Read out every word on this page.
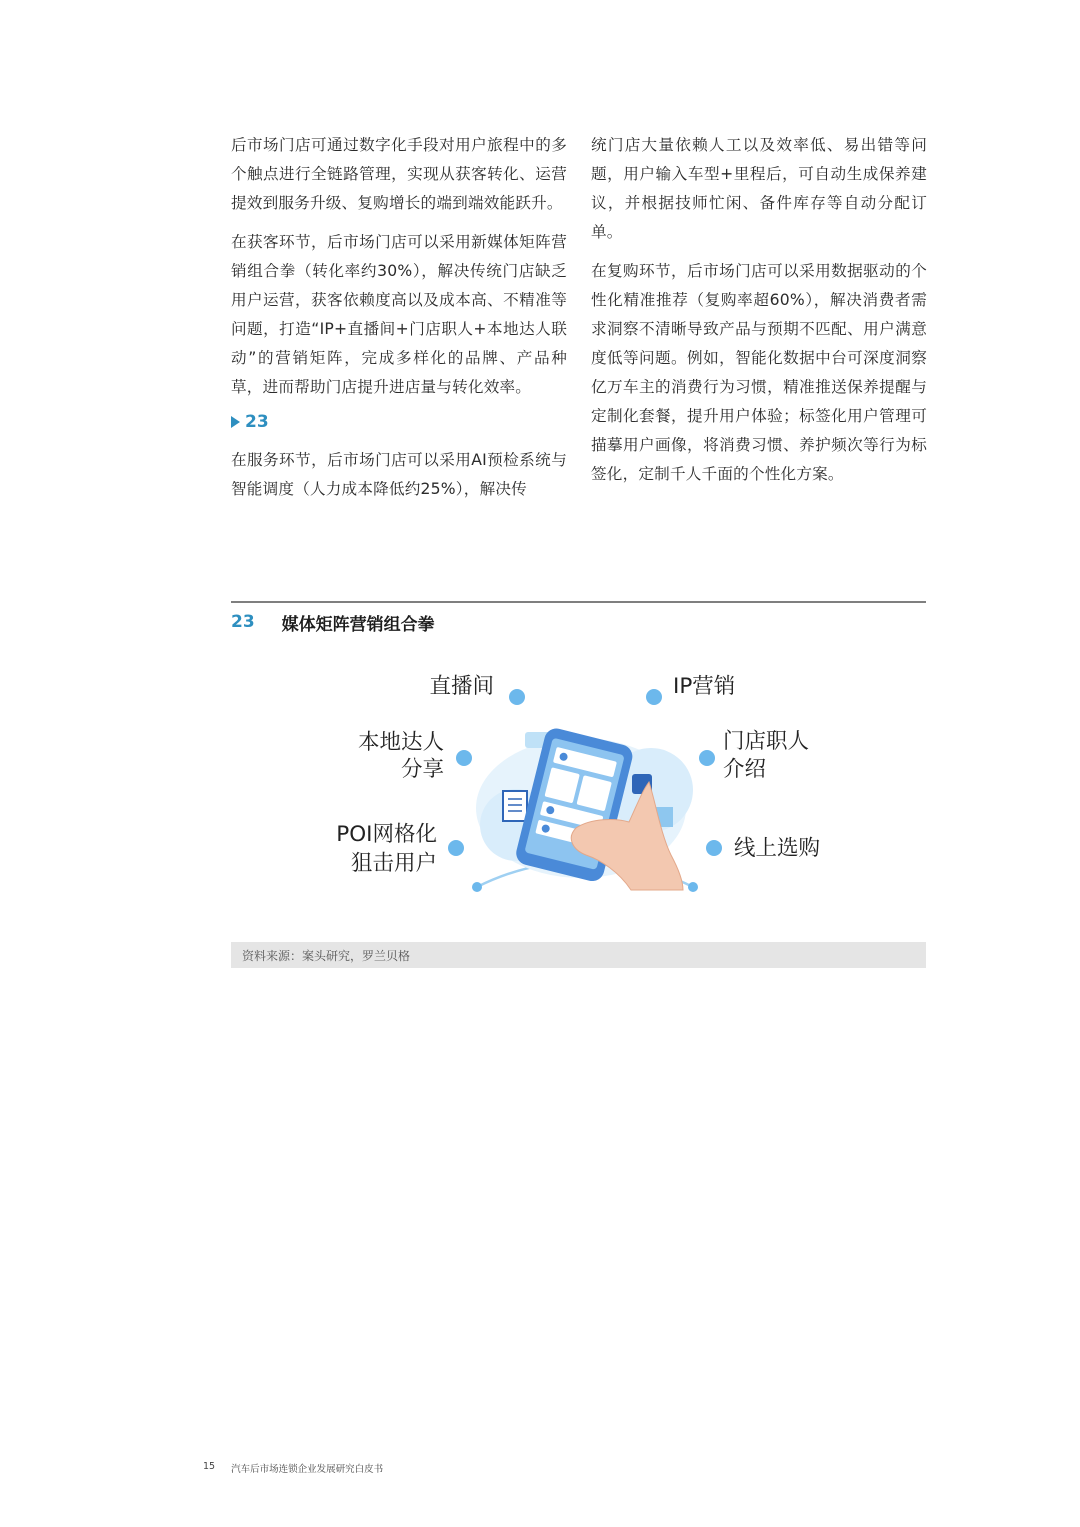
后市场门店可通过数字化手段对用户旅程中的多个触点进行全链路管理，实现从获客转化、运营提效到服务升级、复购增长的端到端效能跃升。

在获客环节，后市场门店可以采用新媒体矩阵营销组合拳（转化率约30%），解决传统门店缺乏用户运营，获客依赖度高以及成本高、不精准等问题，打造“IP+直播间+门店职人+本地达人联动”的营销矩阵，完成多样化的品牌、产品种草，进而帮助门店提升进店量与转化效率。

23

在服务环节，后市场门店可以采用AI预检系统与智能调度（人力成本降低约25%），解决传

统门店大量依赖人工以及效率低、易出错等问题，用户输入车型+里程后，可自动生成保养建议，并根据技师忙闲、备件库存等自动分配订单。

在复购环节，后市场门店可以采用数据驱动的个性化精准推荐（复购率超60%），解决消费者需求洞察不清晰导致产品与预期不匹配、用户满意度低等问题。例如，智能化数据中台可深度洞察亿万车主的消费行为习惯，精准推送保养提醒与定制化套餐，提升用户体验；标签化用户管理可描摹用户画像，将消费习惯、养护频次等行为标签化，定制千人千面的个性化方案。

23 媒体矩阵营销组合拳
直播间	IP营销
本地达人
分享
门店职人
介绍
POI网格化
狙击用户
线上选购
资料来源：案头研究，罗兰贝格
15 汽车后市场连锁企业发展研究白皮书
